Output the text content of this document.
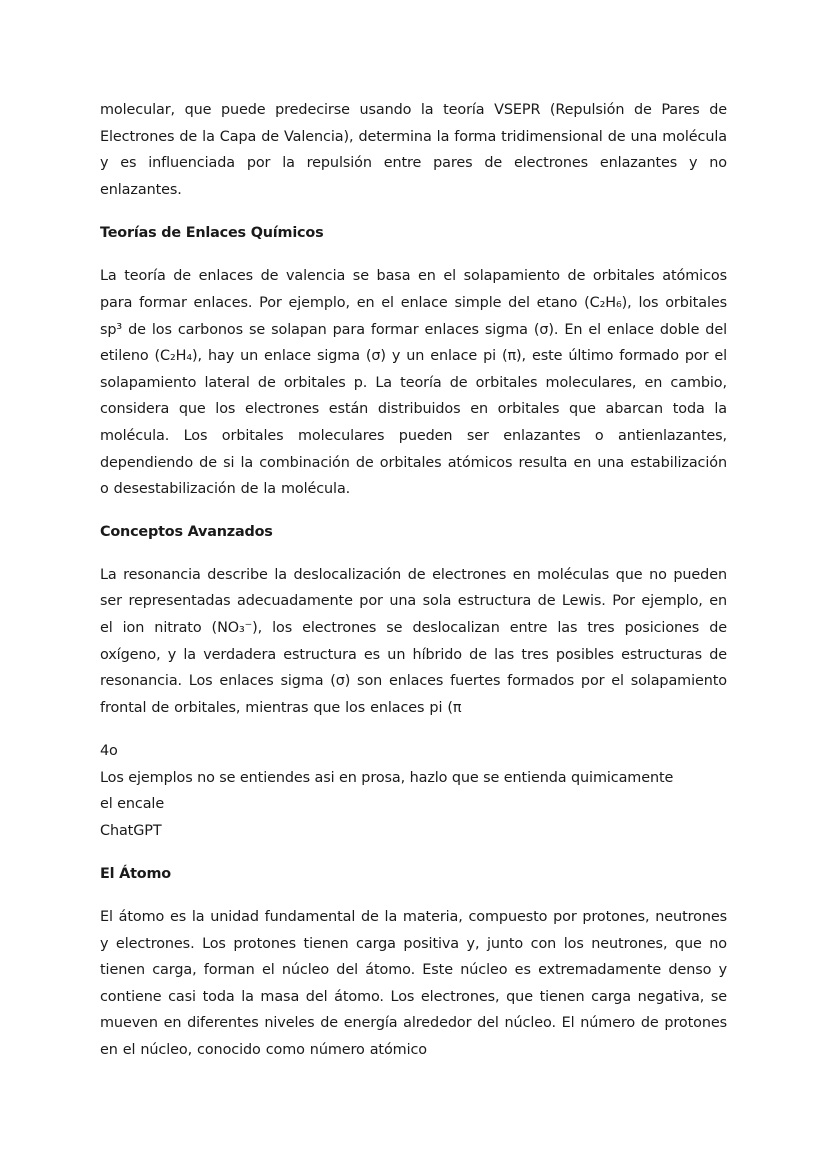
molecular, que puede predecirse usando la teoría VSEPR (Repulsión de Pares de Electrones de la Capa de Valencia), determina la forma tridimensional de una molécula y es influenciada por la repulsión entre pares de electrones enlazantes y no enlazantes.

Teorías de Enlaces Químicos

La teoría de enlaces de valencia se basa en el solapamiento de orbitales atómicos para formar enlaces. Por ejemplo, en el enlace simple del etano (C₂H₆), los orbitales sp³ de los carbonos se solapan para formar enlaces sigma (σ). En el enlace doble del etileno (C₂H₄), hay un enlace sigma (σ) y un enlace pi (π), este último formado por el solapamiento lateral de orbitales p. La teoría de orbitales moleculares, en cambio, considera que los electrones están distribuidos en orbitales que abarcan toda la molécula. Los orbitales moleculares pueden ser enlazantes o antienlazantes, dependiendo de si la combinación de orbitales atómicos resulta en una estabilización o desestabilización de la molécula.

Conceptos Avanzados

La resonancia describe la deslocalización de electrones en moléculas que no pueden ser representadas adecuadamente por una sola estructura de Lewis. Por ejemplo, en el ion nitrato (NO₃⁻), los electrones se deslocalizan entre las tres posiciones de oxígeno, y la verdadera estructura es un híbrido de las tres posibles estructuras de resonancia. Los enlaces sigma (σ) son enlaces fuertes formados por el solapamiento frontal de orbitales, mientras que los enlaces pi (π

4o
Los ejemplos no se entiendes asi en prosa, hazlo que se entienda quimicamente
el encale
ChatGPT
El Átomo

El átomo es la unidad fundamental de la materia, compuesto por protones, neutrones y electrones. Los protones tienen carga positiva y, junto con los neutrones, que no tienen carga, forman el núcleo del átomo. Este núcleo es extremadamente denso y contiene casi toda la masa del átomo. Los electrones, que tienen carga negativa, se mueven en diferentes niveles de energía alrededor del núcleo. El número de protones en el núcleo, conocido como número atómico
